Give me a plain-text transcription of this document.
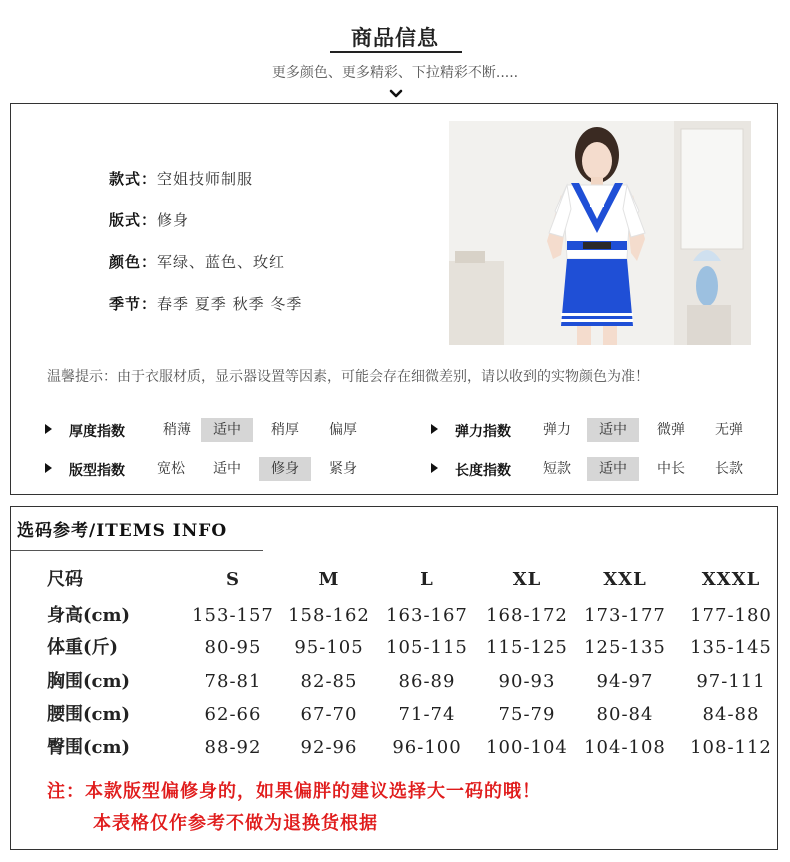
商品信息
更多颜色、更多精彩、下拉精彩不断.....
款式：空姐技师制服
版式：修身
颜色：军绿、蓝色、玫红
季节：春季 夏季 秋季 冬季
温馨提示：由于衣服材质，显示器设置等因素，可能会存在细微差别，请以收到的实物颜色为准！
厚度指数	稍薄	适中	稍厚	偏厚	弹力指数	弹力	适中	微弹	无弹
版型指数	宽松	适中	修身	紧身	长度指数	短款	适中	中长	长款
选码参考/ITEMS INFO
尺码	S	M	L	XL	XXL	XXXL
身高(cm)	153-157 158-162 163-167	168-172 173-177	177-180
体重(斤)	80-95	95-105	105-115	115-125 125-135	135-145
胸围(cm)	78-81	82-85	86-89	90-93	94-97	97-111
腰围(cm)	62-66	67-70	71-74	75-79	80-84	84-88
臀围(cm)	88-92	92-96	96-100	100-104 104-108	108-112
注：本款版型偏修身的，如果偏胖的建议选择大一码的哦！
本表格仅作参考不做为退换货根据
